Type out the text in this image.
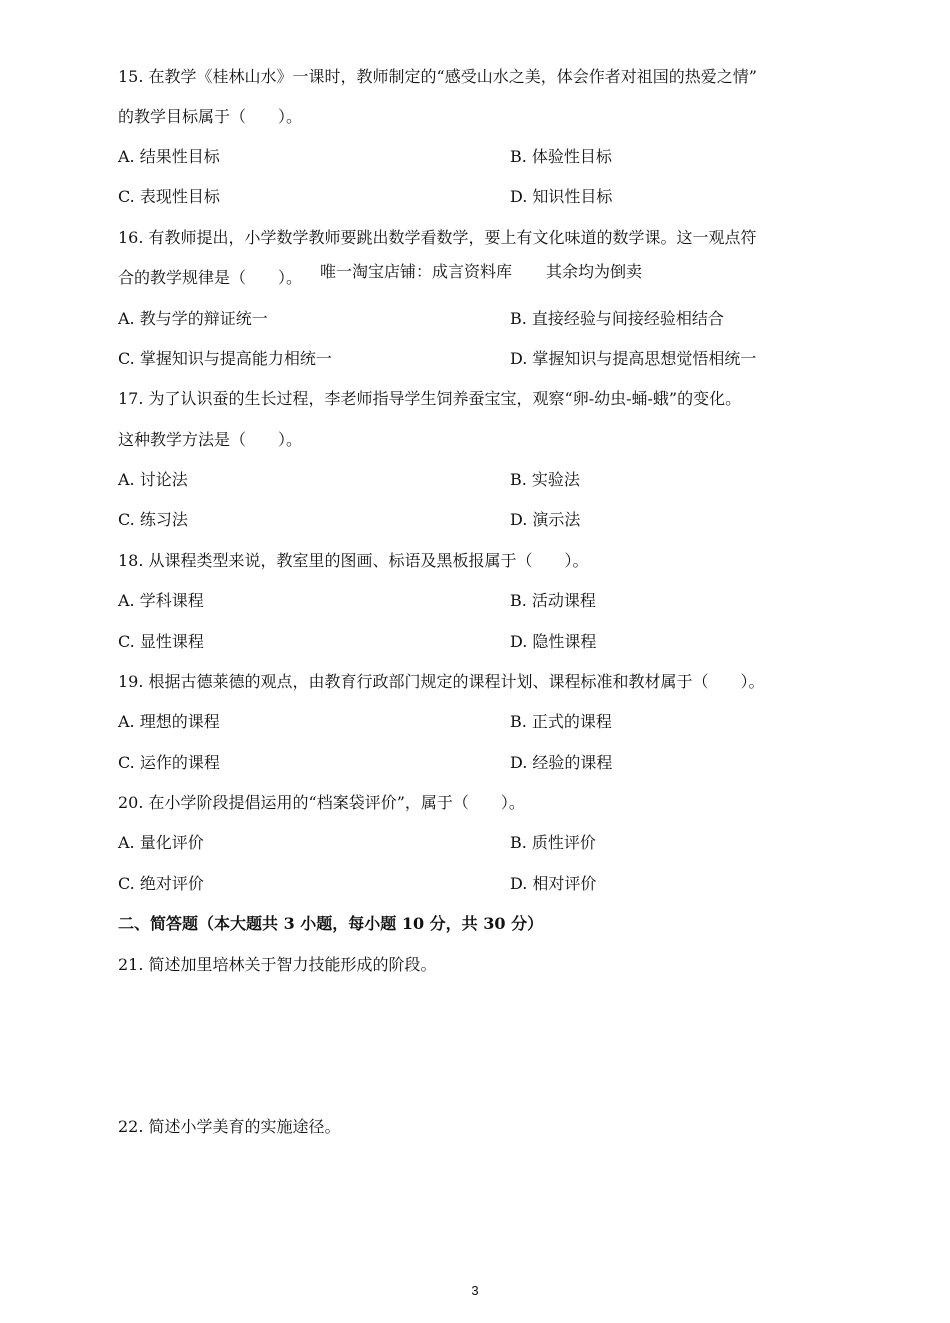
15. 在教学《桂林山水》一课时，教师制定的“感受山水之美，体会作者对祖国的热爱之情”
的教学目标属于（　　）。
A. 结果性目标	B. 体验性目标
C. 表现性目标	D. 知识性目标
16. 有教师提出，小学数学教师要跳出数学看数学，要上有文化味道的数学课。这一观点符
合的教学规律是（　　）。 唯一淘宝店铺：成言资料库 其余均为倒卖
A. 教与学的辩证统一	B. 直接经验与间接经验相结合
C. 掌握知识与提高能力相统一	D. 掌握知识与提高思想觉悟相统一
17. 为了认识蚕的生长过程，李老师指导学生饲养蚕宝宝，观察“卵-幼虫-蛹-蛾”的变化。
这种教学方法是（　　）。
A. 讨论法	B. 实验法
C. 练习法	D. 演示法
18. 从课程类型来说，教室里的图画、标语及黑板报属于（　　）。
A. 学科课程	B. 活动课程
C. 显性课程	D. 隐性课程
19. 根据古德莱德的观点，由教育行政部门规定的课程计划、课程标准和教材属于（　　）。
A. 理想的课程	B. 正式的课程
C. 运作的课程	D. 经验的课程
20. 在小学阶段提倡运用的“档案袋评价”，属于（　　）。
A. 量化评价	B. 质性评价
C. 绝对评价	D. 相对评价
二、简答题（本大题共 3 小题，每小题 10 分，共 30 分）
21. 简述加里培林关于智力技能形成的阶段。
22. 简述小学美育的实施途径。
3
